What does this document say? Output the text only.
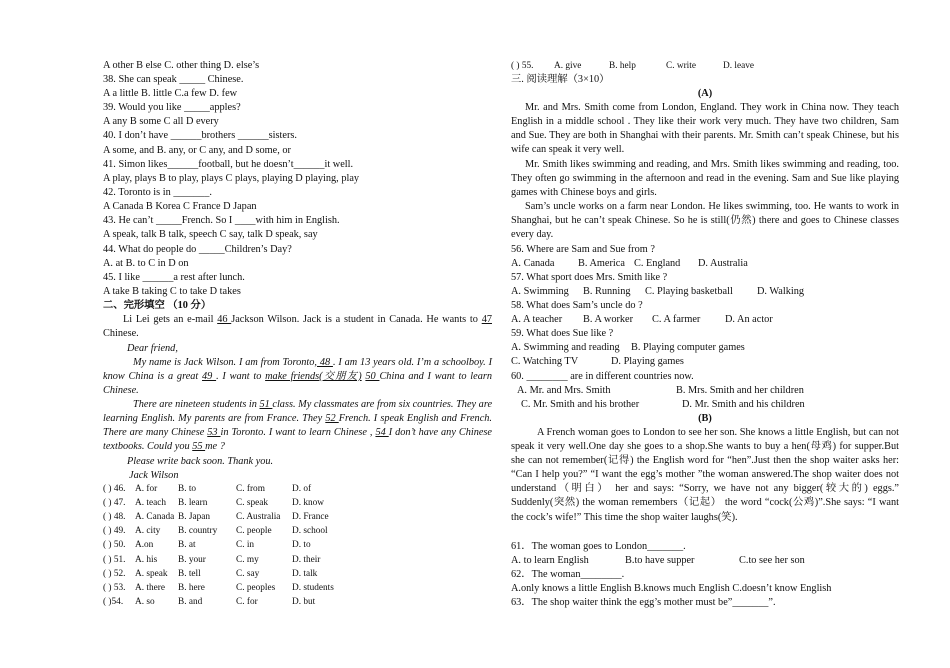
A other B else C. other thing D. else’s
38. She can speak _____ Chinese.
A a little B. little C.a few D. few
39. Would you like _____apples?
A any B some C all D every
40. I don’t have ______brothers ______sisters.
A some, and B. any, or C any, and D some, or
41. Simon likes______football, but he doesn’t______it well.
A play, plays B to play, plays C plays, playing D playing, play
42. Toronto is in _______.
A Canada B Korea C France D Japan
43. He can’t _____French. So I ____with him in English.
A speak, talk B talk, speech C say, talk D speak, say
44. What do people do _____Children’s Day?
A. at B. to C in D on
45. I like ______a rest after lunch.
A take B taking C to take D takes
二、完形填空 （10 分）
Li Lei gets an e-mail 46 Jackson Wilson. Jack is a student in Canada. He wants to 47 Chinese.
Dear friend,
My name is Jack Wilson. I am from Toronto, 48 . I am 13 years old. I’m a schoolboy. I know China is a great 49 . I want to make friends(交朋友) 50 China and I want to learn Chinese.
There are nineteen students in 51 class. My classmates are from six countries. They are learning English. My parents are from France. They 52 French. I speak English and French. There are many Chinese 53 in Toronto. I want to learn Chinese , 54 I don’t have any Chinese textbooks. Could you 55 me ?
Please write back soon. Thank you.
Jack Wilson
( ) 46. A. for B. to	C. from	D. of
( ) 47. A. teach B. learn	C. speak	D. know
( ) 48. A. Canada B. Japan	C. Australia D. France
( ) 49. A. city B. country C. people D. school
( ) 50. A.on	B. at	C. in	D. to
( ) 51. A. his B. your	C. my	D. their
( ) 52. A. speak B. tell	C. say	D. talk
( ) 53. A. there B. here	C. peoples D. students
( )54. A. so	B. and	C. for	D. but
( ) 55. A. give	B. help	C. write	D. leave
三. 阅读理解（3×10）
(A)
Mr. and Mrs. Smith come from London, England. They work in China now. They teach English in a middle school . They like their work very much. They have two children, Sam and Sue. They are both in Shanghai with their parents. Mr. Smith can’t speak Chinese, but his wife can speak it very well.
Mr. Smith likes swimming and reading, and Mrs. Smith likes swimming and reading, too. They often go swimming in the afternoon and read in the evening. Sam and Sue like playing games with Chinese boys and girls.
Sam’s uncle works on a farm near London. He likes swimming, too. He wants to work in Shanghai, but he can’t speak Chinese. So he is still(仍然) there and goes to Chinese classes every day.
56. Where are Sam and Sue from ?
A. Canada B. America C. England D. Australia
57. What sport does Mrs. Smith like ?
A. Swimming B. Running C. Playing basketball D. Walking
58. What does Sam’s uncle do ?
A. A teacher B. A worker C. A farmer D. An actor
59. What does Sue like ?
A. Swimming and reading B. Playing computer games
C. Watching TV	D. Playing games
60. ________ are in different countries now.
A. Mr. and Mrs. Smith	B. Mrs. Smith and her children
C. Mr. Smith and his brother	D. Mr. Smith and his children
(B)
A French woman goes to London to see her son. She knows a little English, but can not speak it very well.One day she goes to a shop.She wants to buy a hen(母鸡) for supper.But she can not remember(记得) the English word for “hen”.Just then the shop waiter asks her: “Can I help you?” “I want the egg’s mother ”the woman answered.The shop waiter does not understand（明白） her and says: “Sorry, we have not any bigger(较大的) eggs.” Suddenly(突然) the woman remembers（记起） the word “cock(公鸡)”.She says: “I want the cock’s wife!” This time the shop waiter laughs(笑).
61．The woman goes to London_______.
A. to learn English	B.to have supper	C.to see her son
62．The woman________.
A.only knows a little English B.knows much English C.doesn’t know English
63．The shop waiter think the egg’s mother must be”_______”.
